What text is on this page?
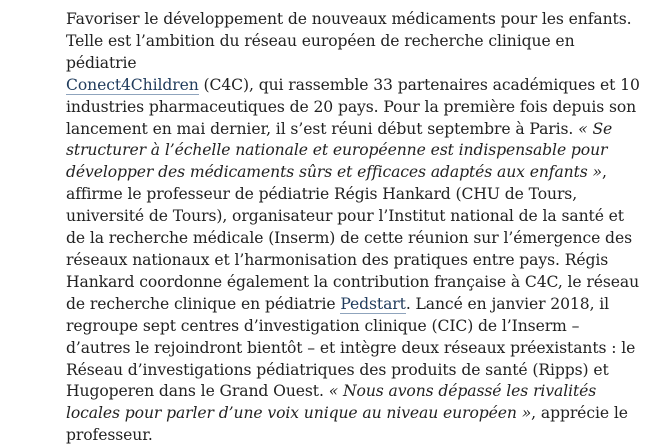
Favoriser le développement de nouveaux médicaments pour les enfants.
Telle est l’ambition du réseau européen de recherche clinique en pédiatrie
Conect4Children (C4C), qui rassemble 33 partenaires académiques et 10 industries pharmaceutiques de 20 pays. Pour la première fois depuis son lancement en mai dernier, il s’est réuni début septembre à Paris. « Se structurer à l’échelle nationale et européenne est indispensable pour développer des médicaments sûrs et efficaces adaptés aux enfants », affirme le professeur de pédiatrie Régis Hankard (CHU de Tours, université de Tours), organisateur pour l’Institut national de la santé et de la recherche médicale (Inserm) de cette réunion sur l’émergence des réseaux nationaux et l’harmonisation des pratiques entre pays. Régis Hankard coordonne également la contribution française à C4C, le réseau de recherche clinique en pédiatrie Pedstart. Lancé en janvier 2018, il regroupe sept centres d’investigation clinique (CIC) de l’Inserm – d’autres le rejoindront bientôt – et intègre deux réseaux préexistants : le Réseau d’investigations pédiatriques des produits de santé (Ripps) et Hugoperen dans le Grand Ouest. « Nous avons dépassé les rivalités locales pour parler d’une voix unique au niveau européen », apprécie le professeur.
